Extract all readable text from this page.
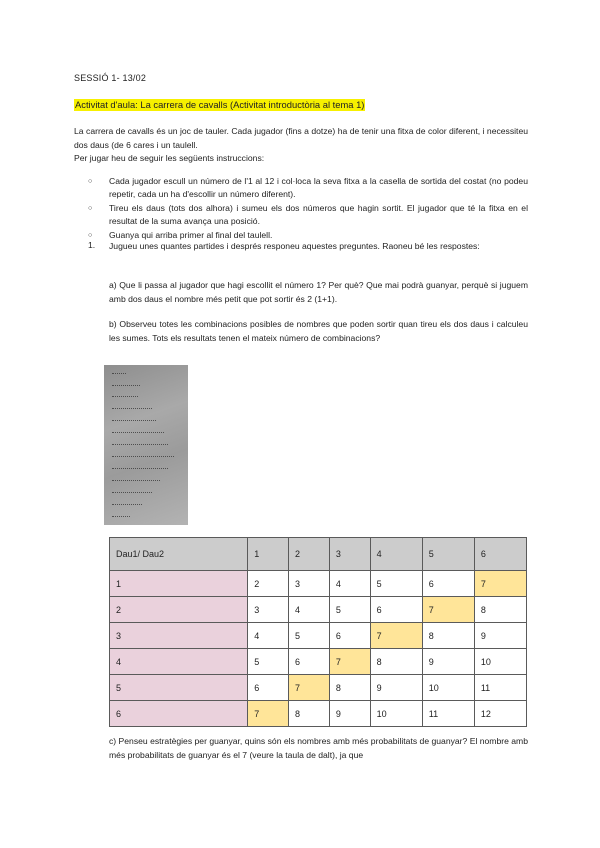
SESSIÓ 1- 13/02
Activitat d'aula: La carrera de cavalls (Activitat introductòria al tema 1)
La carrera de cavalls és un joc de tauler. Cada jugador (fins a dotze) ha de tenir una fitxa de color diferent, i necessiteu dos daus (de 6 cares i un taulell.
Per jugar heu de seguir les següents instruccions:
○ Cada jugador escull un número de l'1 al 12 i col·loca la seva fitxa a la casella de sortida del costat (no podeu repetir, cada un ha d'escollir un número diferent).
○ Tireu els daus (tots dos alhora) i sumeu els dos números que hagin sortit. El jugador que té la fitxa en el resultat de la suma avança una posició.
○ Guanya qui arriba primer al final del taulell.
1.	Jugueu unes quantes partides i després responeu aquestes preguntes. Raoneu bé les respostes:
a) Que li passa al jugador que hagi escollit el número 1? Per què? Que mai podrà guanyar, perquè si juguem amb dos daus el nombre més petit que pot sortir és 2 (1+1).
b) Observeu totes les combinacions posibles de nombres que poden sortir quan tireu els dos daus i calculeu les sumes. Tots els resultats tenen el mateix número de combinacions?
Dau1/ Dau2	1	2	3	4	5	6
1	2	3	4	5	6	7
2	3	4	5	6	7	8
3	4	5	6	7	8	9
4	5	6	7	8	9	10
5	6	7	8	9	10	11
6	7	8	9	10	11	12
c) Penseu estratègies per guanyar, quins són els nombres amb més probabilitats de guanyar? El nombre amb més probabilitats de guanyar és el 7 (veure la taula de dalt), ja que
